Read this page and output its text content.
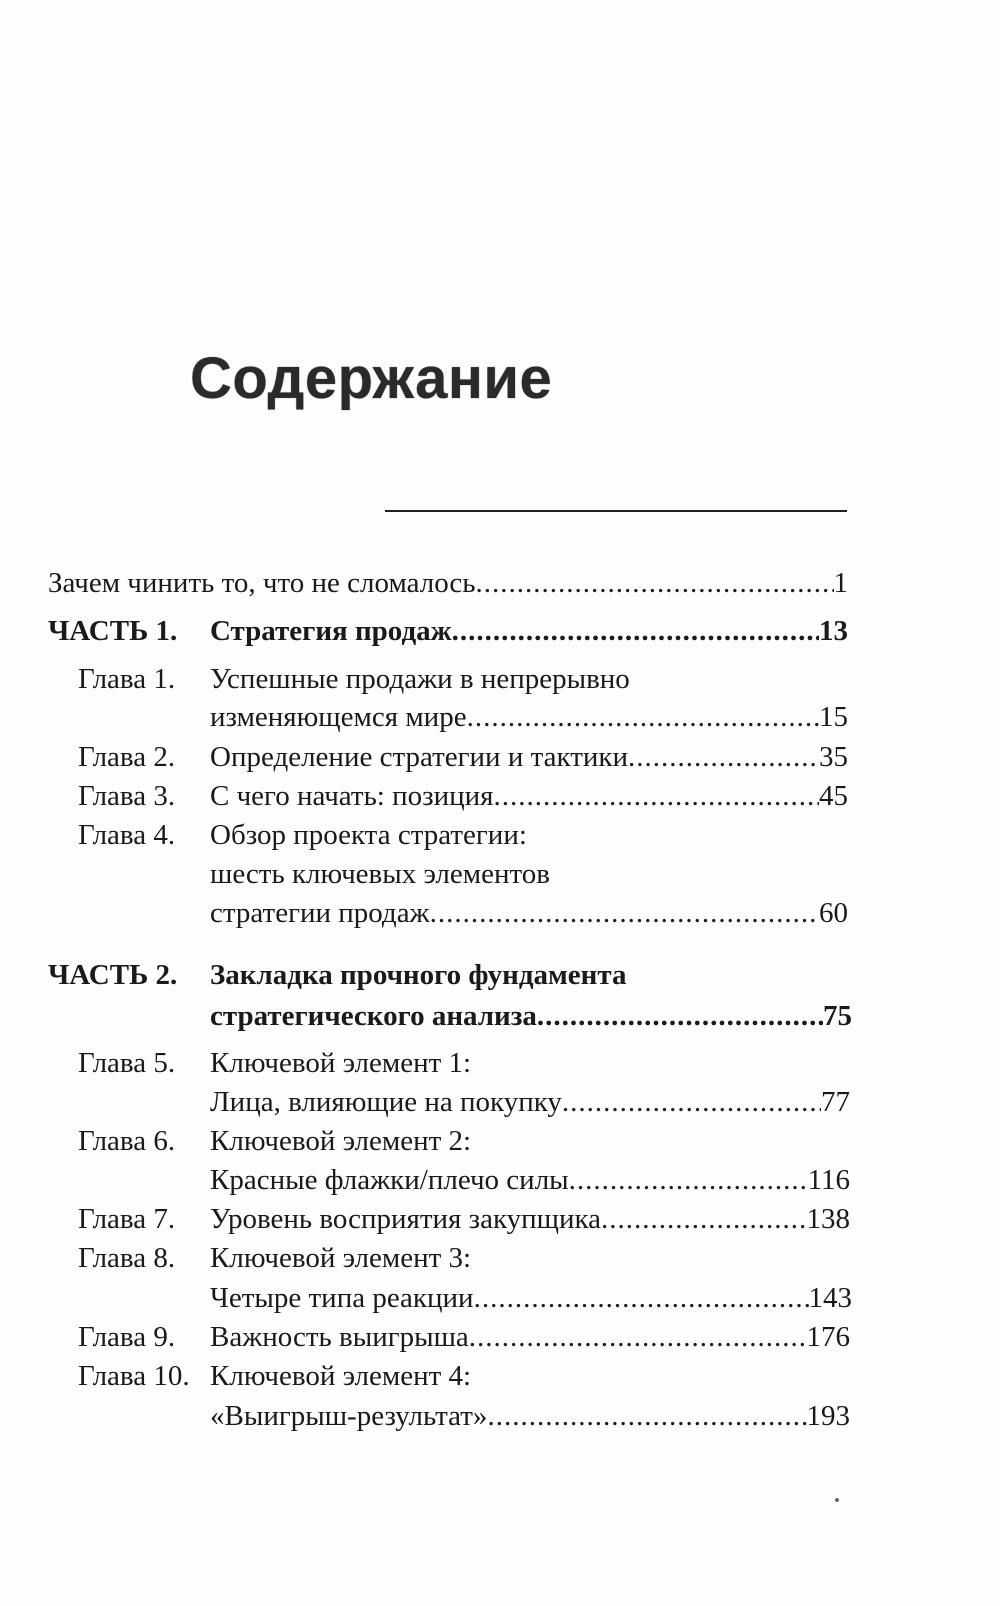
Содержание
Зачем чинить то, что не сломалось .....	1
ЧАСТЬ 1. Стратегия продаж .....	13
Глава 1. Успешные продажи в непрерывно
изменяющемся мире .....	15
Глава 2. Определение стратегии и тактики .....	35
Глава 3. С чего начать: позиция .....	45
Глава 4. Обзор проекта стратегии:
шесть ключевых элементов
стратегии продаж .....	60
ЧАСТЬ 2. Закладка прочного фундамента
стратегического анализа .....	75
Глава 5. Ключевой элемент 1:
Лица, влияющие на покупку .....	77
Глава 6. Ключевой элемент 2:
Красные флажки/плечо силы .....	116
Глава 7. Уровень восприятия закупщика .....	138
Глава 8. Ключевой элемент 3:
Четыре типа реакции .....	143
Глава 9. Важность выигрыша .....	176
Глава 10. Ключевой элемент 4:
«Выигрыш-результат» .....	193
